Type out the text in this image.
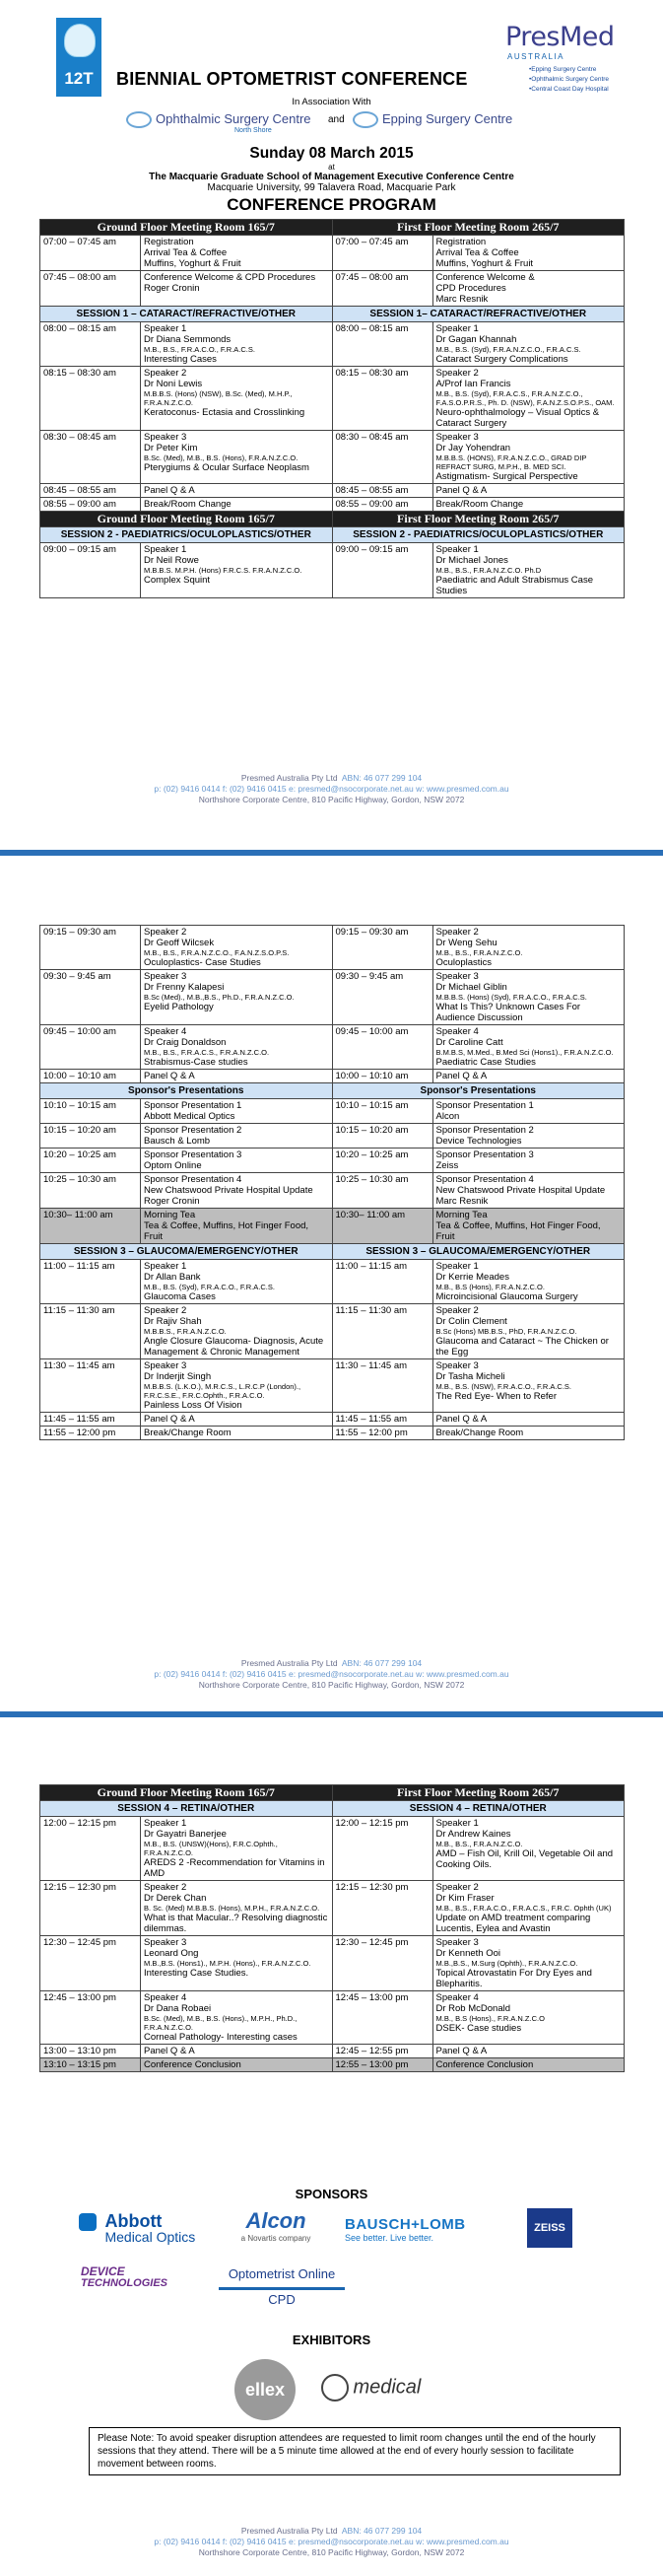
12T
PresMed
AUSTRALIA
• Epping Surgery Centre
• Ophthalmic Surgery Centre
• Central Coast Day Hospital
BIENNIAL OPTOMETRIST CONFERENCE
In Association With
Ophthalmic Surgery Centre
North Shore
and	Epping Surgery Centre
Sunday 08 March 2015
at
The Macquarie Graduate School of Management Executive Conference Centre
Macquarie University, 99 Talavera Road, Macquarie Park
CONFERENCE PROGRAM
Ground Floor Meeting Room 165/7		First Floor Meeting Room 265/7	

07:00 – 07:45 am	Registration
Arrival Tea & Coffee
Muffins, Yoghurt & Fruit	07:00 – 07:45 am	Registration
Arrival Tea & Coffee
Muffins, Yoghurt & Fruit

07:45 – 08:00 am	Conference Welcome & CPD Procedures
Roger Cronin	07:45 – 08:00 am	Conference Welcome &
CPD Procedures
Marc Resnik

SESSION 1 – CATARACT/REFRACTIVE/OTHER		SESSION 1– CATARACT/REFRACTIVE/OTHER	

08:00 – 08:15 am	Speaker 1
Dr Diana Semmonds
M.B., B.S., F.R.A.C.O., F.R.A.C.S.
Interesting Cases	08:00 – 08:15 am	Speaker 1
Dr Gagan Khannah
M.B., B.S. (Syd), F.R.A.N.Z.C.O., F.R.A.C.S.
Cataract Surgery Complications

08:15 – 08:30 am	Speaker 2
Dr Noni Lewis
M.B.B.S. (Hons) (NSW), B.Sc. (Med), M.H.P., F.R.A.N.Z.C.O.
Keratoconus- Ectasia and Crosslinking	08:15 – 08:30 am	Speaker 2
A/Prof Ian Francis
M.B., B.S. (Syd), F.R.A.C.S., F.R.A.N.Z.C.O., F.A.S.O.P.R.S., Ph. D. (NSW), F.A.N.Z.S.O.P.S., OAM.
Neuro-ophthalmology – Visual Optics & Cataract Surgery

08:30 – 08:45 am	Speaker 3
Dr Peter Kim
B.Sc. (Med), M.B., B.S. (Hons), F.R.A.N.Z.C.O.
Pterygiums & Ocular Surface Neoplasm	08:30 – 08:45 am	Speaker 3
Dr Jay Yohendran
M.B.B.S. (HONS), F.R.A.N.Z.C.O., GRAD DIP REFRACT SURG, M.P.H., B. MED SCI.
Astigmatism- Surgical Perspective

08:45 – 08:55 am	Panel Q & A	08:45 – 08:55 am	Panel Q & A

08:55 – 09:00 am	Break/Room Change	08:55 – 09:00 am	Break/Room Change

Ground Floor Meeting Room 165/7		First Floor Meeting Room 265/7	
SESSION 2 - PAEDIATRICS/OCULOPLASTICS/OTHER		SESSION 2 - PAEDIATRICS/OCULOPLASTICS/OTHER	

09:00 – 09:15 am	Speaker 1
Dr Neil Rowe
M.B.B.S. M.P.H. (Hons) F.R.C.S. F.R.A.N.Z.C.O.
Complex Squint	09:00 – 09:15 am	Speaker 1
Dr Michael Jones
M.B., B.S., F.R.A.N.Z.C.O. Ph.D
Paediatric and Adult Strabismus Case Studies
Presmed Australia Pty Ltd ABN: 46 077 299 104
p: (02) 9416 0414 f: (02) 9416 0415 e: presmed@nsocorporate.net.au w: www.presmed.com.au
Northshore Corporate Centre, 810 Pacific Highway, Gordon, NSW 2072
09:15 – 09:30 am	Speaker 2
Dr Geoff Wilcsek
M.B., B.S., F.R.A.N.Z.C.O., F.A.N.Z.S.O.P.S.
Oculoplastics- Case Studies	09:15 – 09:30 am	Speaker 2
Dr Weng Sehu
M.B., B.S., F.R.A.N.Z.C.O.
Oculoplastics

09:30 – 9:45 am	Speaker 3
Dr Frenny Kalapesi
B.Sc (Med)., M.B.,B.S., Ph.D., F.R.A.N.Z.C.O.
Eyelid Pathology	09:30 – 9:45 am	Speaker 3
Dr Michael Giblin
M.B.B.S. (Hons) (Syd), F.R.A.C.O., F.R.A.C.S.
What Is This? Unknown Cases For Audience Discussion

09:45 – 10:00 am	Speaker 4
Dr Craig Donaldson
M.B., B.S., F.R.A.C.S., F.R.A.N.Z.C.O.
Strabismus-Case studies	09:45 – 10:00 am	Speaker 4
Dr Caroline Catt
B.M.B.S, M.Med., B.Med Sci (Hons1)., F.R.A.N.Z.C.O.
Paediatric Case Studies

10:00 – 10:10 am	Panel Q & A	10:00 – 10:10 am	Panel Q & A

Sponsor's Presentations		Sponsor's Presentations	

10:10 – 10:15 am	Sponsor Presentation 1
Abbott Medical Optics	10:10 – 10:15 am	Sponsor Presentation 1
Alcon

10:15 – 10:20 am	Sponsor Presentation 2
Bausch & Lomb	10:15 – 10:20 am	Sponsor Presentation 2
Device Technologies

10:20 – 10:25 am	Sponsor Presentation 3
Optom Online	10:20 – 10:25 am	Sponsor Presentation 3
Zeiss

10:25 – 10:30 am	Sponsor Presentation 4
New Chatswood Private Hospital Update
Roger Cronin	10:25 – 10:30 am	Sponsor Presentation 4
New Chatswood Private Hospital Update
Marc Resnik

10:30– 11:00 am	Morning Tea
Tea & Coffee, Muffins, Hot Finger Food, Fruit	10:30– 11:00 am	Morning Tea
Tea & Coffee, Muffins, Hot Finger Food, Fruit

SESSION 3 – GLAUCOMA/EMERGENCY/OTHER		SESSION 3 – GLAUCOMA/EMERGENCY/OTHER	

11:00 – 11:15 am	Speaker 1
Dr Allan Bank
M.B., B.S. (Syd), F.R.A.C.O., F.R.A.C.S.
Glaucoma Cases	11:00 – 11:15 am	Speaker 1
Dr Kerrie Meades
M.B., B.S (Hons), F.R.A.N.Z.C.O.
Microincisional Glaucoma Surgery

11:15 – 11:30 am	Speaker 2
Dr Rajiv Shah
M.B.B.S., F.R.A.N.Z.C.O.
Angle Closure Glaucoma- Diagnosis, Acute Management & Chronic Management	11:15 – 11:30 am	Speaker 2
Dr Colin Clement
B.Sc (Hons) MB.B.S., PhD, F.R.A.N.Z.C.O.
Glaucoma and Cataract ~ The Chicken or the Egg

11:30 – 11:45 am	Speaker 3
Dr Inderjit Singh
M.B.B.S. (L.K.O.), M.R.C.S., L.R.C.P (London)., F.R.C.S.E., F.R.C.Ophth., F.R.A.C.O.
Painless Loss Of Vision	11:30 – 11:45 am	Speaker 3
Dr Tasha Micheli
M.B., B.S. (NSW), F.R.A.C.O., F.R.A.C.S.
The Red Eye- When to Refer

11:45 – 11:55 am	Panel Q & A	11:45 – 11:55 am	Panel Q & A

11:55 – 12:00 pm	Break/Change Room	11:55 – 12:00 pm	Break/Change Room
Presmed Australia Pty Ltd ABN: 46 077 299 104
p: (02) 9416 0414 f: (02) 9416 0415 e: presmed@nsocorporate.net.au w: www.presmed.com.au
Northshore Corporate Centre, 810 Pacific Highway, Gordon, NSW 2072
Ground Floor Meeting Room 165/7		First Floor Meeting Room 265/7	
SESSION 4 – RETINA/OTHER		SESSION 4 – RETINA/OTHER	

12:00 – 12:15 pm	Speaker 1
Dr Gayatri Banerjee
M.B., B.S. (UNSW)(Hons), F.R.C.Ophth., F.R.A.N.Z.C.O.
AREDS 2 -Recommendation for Vitamins in AMD	12:00 – 12:15 pm	Speaker 1
Dr Andrew Kaines
M.B., B.S., F.R.A.N.Z.C.O.
AMD – Fish Oil, Krill Oil, Vegetable Oil and Cooking Oils.

12:15 – 12:30 pm	Speaker 2
Dr Derek Chan
B. Sc. (Med) M.B.B.S. (Hons), M.P.H., F.R.A.N.Z.C.O.
What is that Macular..? Resolving diagnostic dilemmas.	12:15 – 12:30 pm	Speaker 2
Dr Kim Fraser
M.B., B.S., F.R.A.C.O., F.R.A.C.S., F.R.C. Ophth (UK)
Update on AMD treatment comparing Lucentis, Eylea and Avastin

12:30 – 12:45 pm	Speaker 3
Leonard Ong
M.B.,B.S. (Hons1)., M.P.H. (Hons)., F.R.A.N.Z.C.O.
Interesting Case Studies.	12:30 – 12:45 pm	Speaker 3
Dr Kenneth Ooi
M.B.,B.S., M.Surg (Ophth)., F.R.A.N.Z.C.O.
Topical Atrovastatin For Dry Eyes and Blepharitis.

12:45 – 13:00 pm	Speaker 4
Dr Dana Robaei
B.Sc. (Med), M.B., B.S. (Hons)., M.P.H., Ph.D., F.R.A.N.Z.C.O.
Corneal Pathology- Interesting cases	12:45 – 13:00 pm	Speaker 4
Dr Rob McDonald
M.B., B.S (Hons)., F.R.A.N.Z.C.O
DSEK- Case studies

13:00 – 13:10 pm	Panel Q & A	12:45 – 12:55 pm	Panel Q & A

13:10 – 13:15 pm	Conference Conclusion	12:55 – 13:00 pm	Conference Conclusion
SPONSORS

Abbott
Medical Optics
Alcon
a Novartis company
BAUSCH+LOMB
See better. Live better.
ZEISS
DEVICE
TECHNOLOGIES
Optometrist Online CPD
EXHIBITORS
ellex	medical
Please Note: To avoid speaker disruption attendees are requested to limit room changes until the end of the hourly sessions that they attend. There will be a 5 minute time allowed at the end of every hourly session to facilitate movement between rooms.
Presmed Australia Pty Ltd ABN: 46 077 299 104
p: (02) 9416 0414 f: (02) 9416 0415 e: presmed@nsocorporate.net.au w: www.presmed.com.au
Northshore Corporate Centre, 810 Pacific Highway, Gordon, NSW 2072
